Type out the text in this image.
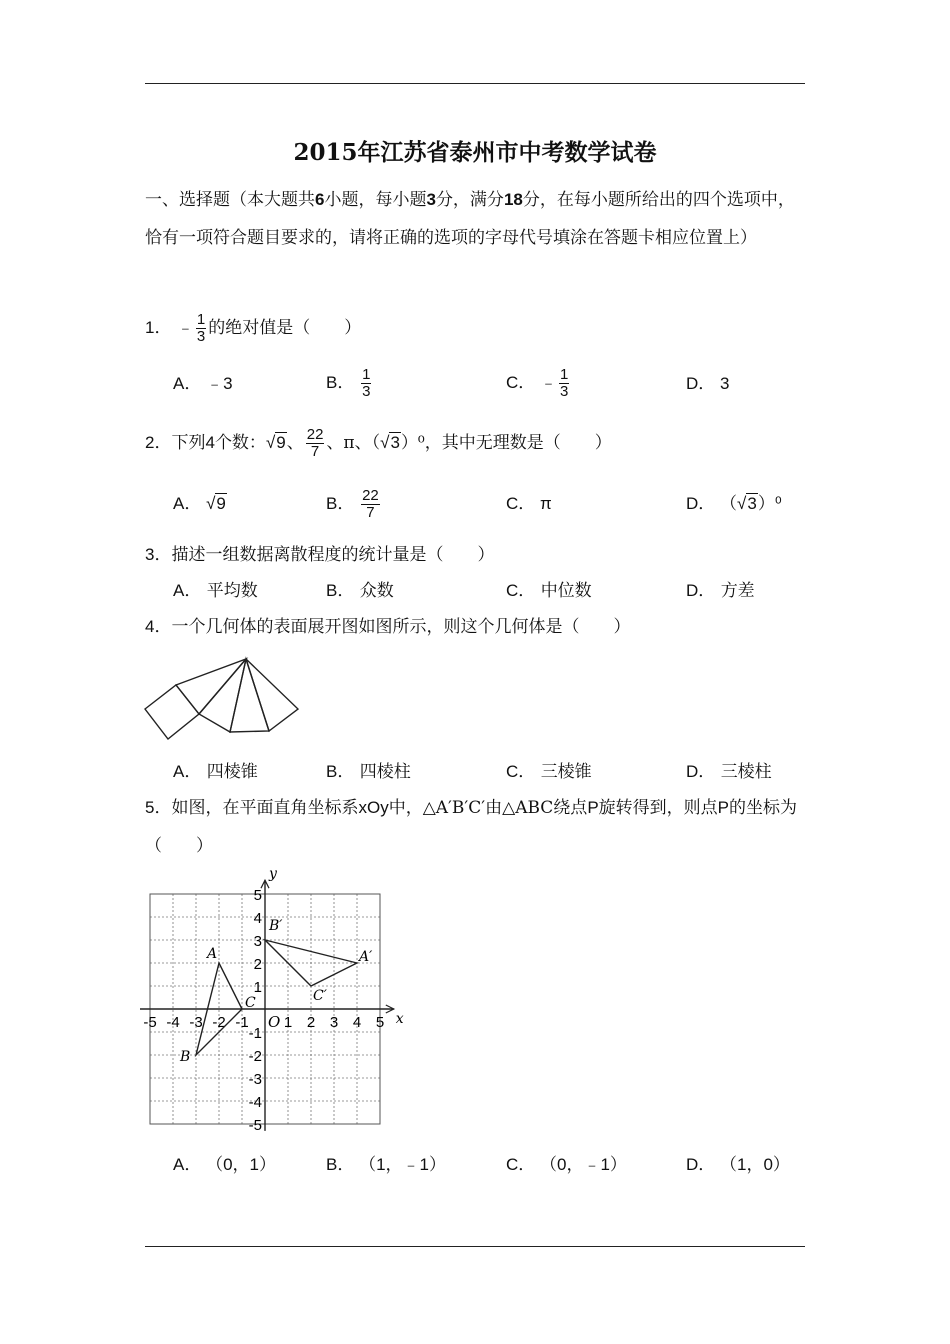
2015年江苏省泰州市中考数学试卷
一、选择题（本大题共6小题，每小题3分，满分18分，在每小题所给出的四个选项中，恰有一项符合题目要求的，请将正确的选项的字母代号填涂在答题卡相应位置上）
1． ﹣ $\frac{1}{3}$ 的绝对值是（　　）
A． ﹣3	B． $\frac{1}{3}$	C． ﹣ $\frac{1}{3}$	D． 3
2．下列4个数：√9、 $\frac{22}{7}$ 、π、（√3）⁰，其中无理数是（　　）
A． √9	B． $\frac{22}{7}$	C． π	D． （√3）⁰
3．描述一组数据离散程度的统计量是（　　）
A． 平均数	B． 众数	C． 中位数	D． 方差
4．一个几何体的表面展开图如图所示，则这个几何体是（　　）
A． 四棱锥	B． 四棱柱	C． 三棱锥	D． 三棱柱
5．如图，在平面直角坐标系xOy中，△A′B′C′由△ABC绕点P旋转得到，则点P的坐标为（　　）
x
y
-5 -4 -3 -2 -1 1 2 3 4 5
5
4
3
2
1
-1
-2
-3
-4
-5
O
A
B
C
A′
B′
C′
A． （0，1）	B． （1，﹣1）	C． （0，﹣1）	D． （1，0）
